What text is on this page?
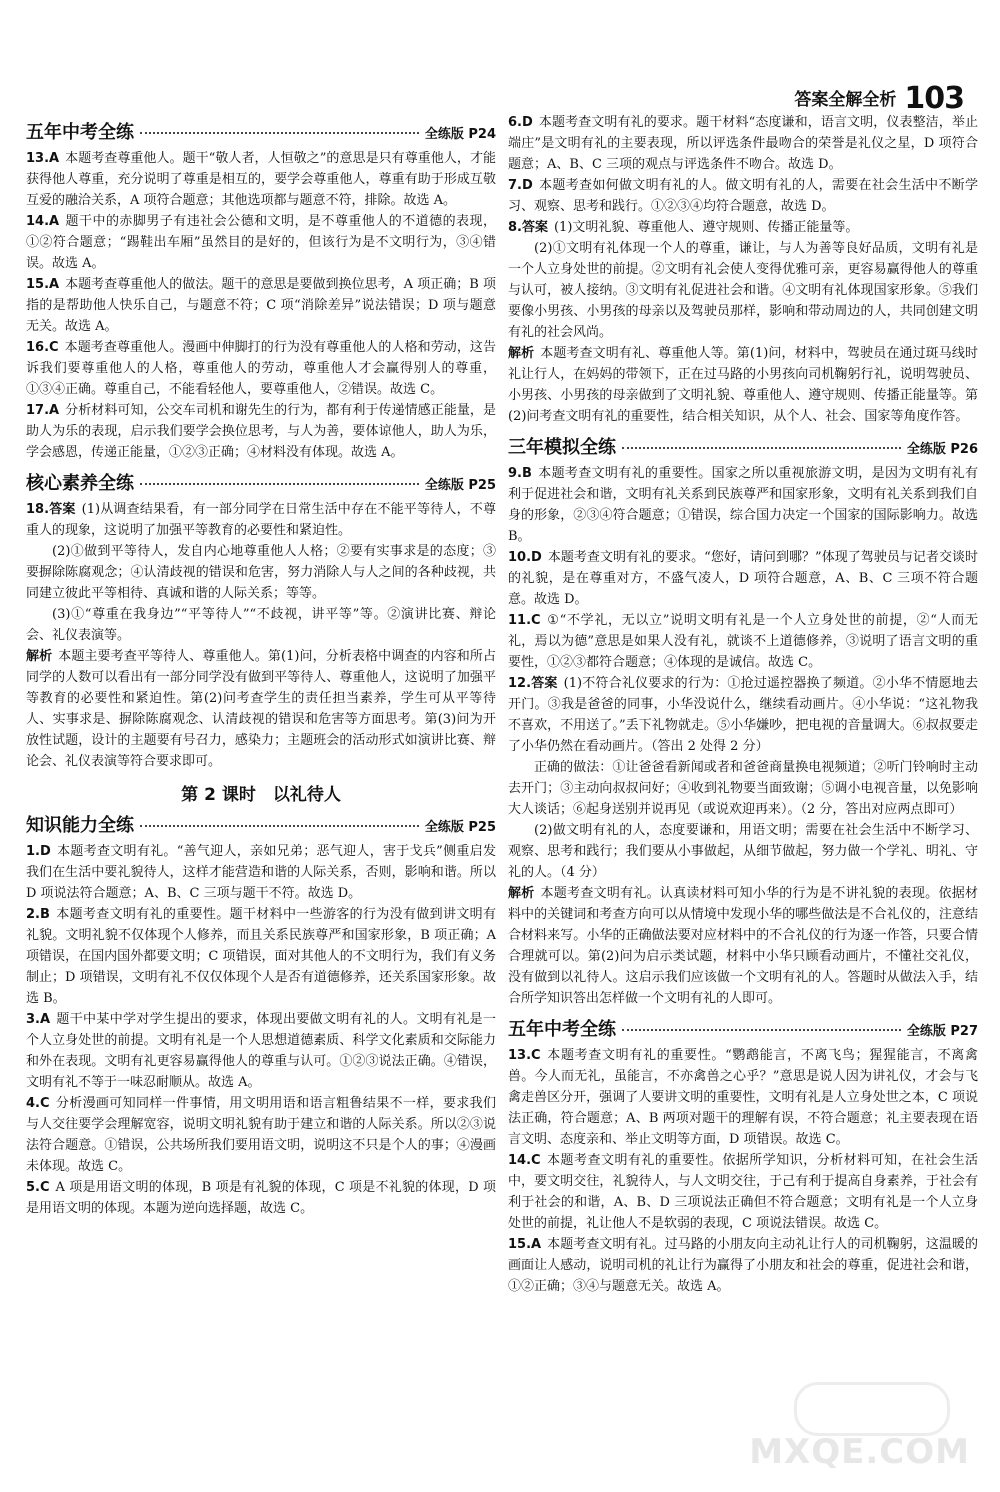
答案全解全析 103
五年中考全练	全练版 P24

13.A 本题考查尊重他人。题干“敬人者，人恒敬之”的意思是只有尊重他人，才能获得他人尊重，充分说明了尊重是相互的，要学会尊重他人，尊重有助于形成互敬互爱的融洽关系，A 项符合题意；其他选项都与题意不符，排除。故选 A。

14.A 题干中的赤脚男子有违社会公德和文明，是不尊重他人的不道德的表现，①②符合题意；“踢鞋出车厢”虽然目的是好的，但该行为是不文明行为，③④错误。故选 A。

15.A 本题考查尊重他人的做法。题干的意思是要做到换位思考，A 项正确；B 项指的是帮助他人快乐自己，与题意不符；C 项“消除差异”说法错误；D 项与题意无关。故选 A。

16.C 本题考查尊重他人。漫画中伸脚打的行为没有尊重他人的人格和劳动，这告诉我们要尊重他人的人格，尊重他人的劳动，尊重他人才会赢得别人的尊重，①③④正确。尊重自己，不能看轻他人，要尊重他人，②错误。故选 C。

17.A 分析材料可知，公交车司机和谢先生的行为，都有利于传递情感正能量，是助人为乐的表现，启示我们要学会换位思考，与人为善，要体谅他人，助人为乐，学会感恩，传递正能量，①②③正确；④材料没有体现。故选 A。

核心素养全练	全练版 P25

18.答案 (1)从调查结果看，有一部分同学在日常生活中存在不能平等待人，不尊重人的现象，这说明了加强平等教育的必要性和紧迫性。

(2)①做到平等待人，发自内心地尊重他人人格；②要有实事求是的态度；③要摒除陈腐观念；④认清歧视的错误和危害，努力消除人与人之间的各种歧视，共同建立彼此平等相待、真诚和谐的人际关系；等等。

(3)①“尊重在我身边”“平等待人”“不歧视，讲平等”等。②演讲比赛、辩论会、礼仪表演等。

解析 本题主要考查平等待人、尊重他人。第(1)问，分析表格中调查的内容和所占同学的人数可以看出有一部分同学没有做到平等待人、尊重他人，这说明了加强平等教育的必要性和紧迫性。第(2)问考查学生的责任担当素养，学生可从平等待人、实事求是、摒除陈腐观念、认清歧视的错误和危害等方面思考。第(3)问为开放性试题，设计的主题要有号召力，感染力；主题班会的活动形式如演讲比赛、辩论会、礼仪表演等符合要求即可。

第 2 课时　以礼待人
知识能力全练	全练版 P25

1.D 本题考查文明有礼。“善气迎人，亲如兄弟；恶气迎人，害于戈兵”侧重启发我们在生活中要礼貌待人，这样才能营造和谐的人际关系，否则，影响和谐。所以 D 项说法符合题意；A、B、C 三项与题干不符。故选 D。

2.B 本题考查文明有礼的重要性。题干材料中一些游客的行为没有做到讲文明有礼貌。文明礼貌不仅体现个人修养，而且关系民族尊严和国家形象，B 项正确；A 项错误，在国内国外都要文明；C 项错误，面对其他人的不文明行为，我们有义务制止；D 项错误，文明有礼不仅仅体现个人是否有道德修养，还关系国家形象。故选 B。

3.A 题干中某中学对学生提出的要求，体现出要做文明有礼的人。文明有礼是一个人立身处世的前提。文明有礼是一个人思想道德素质、科学文化素质和交际能力和外在表现。文明有礼更容易赢得他人的尊重与认可。①②③说法正确。④错误，文明有礼不等于一味忍耐顺从。故选 A。

4.C 分析漫画可知同样一件事情，用文明用语和语言粗鲁结果不一样，要求我们与人交往要学会理解宽容，说明文明礼貌有助于建立和谐的人际关系。所以②③说法符合题意。①错误，公共场所我们要用语文明，说明这不只是个人的事；④漫画未体现。故选 C。

5.C A 项是用语文明的体现，B 项是有礼貌的体现，C 项是不礼貌的体现，D 项是用语文明的体现。本题为逆向选择题，故选 C。

6.D 本题考查文明有礼的要求。题干材料“态度谦和，语言文明，仪表整洁，举止端庄”是文明有礼的主要表现，所以评选条件最吻合的荣誉是礼仪之星，D 项符合题意；A、B、C 三项的观点与评选条件不吻合。故选 D。

7.D 本题考查如何做文明有礼的人。做文明有礼的人，需要在社会生活中不断学习、观察、思考和践行。①②③④均符合题意，故选 D。

8.答案 (1)文明礼貌、尊重他人、遵守规则、传播正能量等。

(2)①文明有礼体现一个人的尊重，谦让，与人为善等良好品质，文明有礼是一个人立身处世的前提。②文明有礼会使人变得优雅可亲，更容易赢得他人的尊重与认可，被人接纳。③文明有礼促进社会和谐。④文明有礼体现国家形象。⑤我们要像小男孩、小男孩的母亲以及驾驶员那样，影响和带动周边的人，共同创建文明有礼的社会风尚。

解析 本题考查文明有礼、尊重他人等。第(1)问，材料中，驾驶员在通过斑马线时礼让行人，在妈妈的带领下，正在过马路的小男孩向司机鞠躬行礼，说明驾驶员、小男孩、小男孩的母亲做到了文明礼貌、尊重他人、遵守规则、传播正能量等。第(2)问考查文明有礼的重要性，结合相关知识，从个人、社会、国家等角度作答。

三年模拟全练	全练版 P26

9.B 本题考查文明有礼的重要性。国家之所以重视旅游文明，是因为文明有礼有利于促进社会和谐，文明有礼关系到民族尊严和国家形象，文明有礼关系到我们自身的形象，②③④符合题意；①错误，综合国力决定一个国家的国际影响力。故选 B。

10.D 本题考查文明有礼的要求。“您好，请问到哪？”体现了驾驶员与记者交谈时的礼貌，是在尊重对方，不盛气凌人，D 项符合题意，A、B、C 三项不符合题意。故选 D。

11.C ①“不学礼，无以立”说明文明有礼是一个人立身处世的前提，②“人而无礼，焉以为德”意思是如果人没有礼，就谈不上道德修养，③说明了语言文明的重要性，①②③都符合题意；④体现的是诚信。故选 C。

12.答案 (1)不符合礼仪要求的行为：①抢过遥控器换了频道。②小华不情愿地去开门。③我是爸爸的同事，小华没说什么，继续看动画片。④小华说：“这礼物我不喜欢，不用送了。”丢下礼物就走。⑤小华嫌吵，把电视的音量调大。⑥叔叔要走了小华仍然在看动画片。（答出 2 处得 2 分）

正确的做法：①让爸爸看新闻或者和爸爸商量换电视频道；②听门铃响时主动去开门；③主动向叔叔问好；④收到礼物要当面致谢；⑤调小电视音量，以免影响大人谈话；⑥起身送别并说再见（或说欢迎再来）。（2 分，答出对应两点即可）

(2)做文明有礼的人，态度要谦和，用语文明；需要在社会生活中不断学习、观察、思考和践行；我们要从小事做起，从细节做起，努力做一个学礼、明礼、守礼的人。（4 分）

解析 本题考查文明有礼。认真读材料可知小华的行为是不讲礼貌的表现。依据材料中的关键词和考查方向可以从情境中发现小华的哪些做法是不合礼仪的，注意结合材料来写。小华的正确做法要对应材料中的不合礼仪的行为逐一作答，只要合情合理就可以。第(2)问为启示类试题，材料中小华只顾看动画片，不懂社交礼仪，没有做到以礼待人。这启示我们应该做一个文明有礼的人。答题时从做法入手，结合所学知识答出怎样做一个文明有礼的人即可。

五年中考全练	全练版 P27

13.C 本题考查文明有礼的重要性。“鹦鹉能言，不离飞鸟；猩猩能言，不离禽兽。今人而无礼，虽能言，不亦禽兽之心乎？”意思是说人因为讲礼仪，才会与飞禽走兽区分开，强调了人要讲文明的重要性，文明有礼是人立身处世之本，C 项说法正确，符合题意；A、B 两项对题干的理解有误，不符合题意；礼主要表现在语言文明、态度亲和、举止文明等方面，D 项错误。故选 C。

14.C 本题考查文明有礼的重要性。依据所学知识，分析材料可知，在社会生活中，要文明交往，礼貌待人，与人文明交往，于己有利于提高自身素养，于社会有利于社会的和谐，A、B、D 三项说法正确但不符合题意；文明有礼是一个人立身处世的前提，礼让他人不是软弱的表现，C 项说法错误。故选 C。

15.A 本题考查文明有礼。过马路的小朋友向主动礼让行人的司机鞠躬，这温暖的画面让人感动，说明司机的礼让行为赢得了小朋友和社会的尊重，促进社会和谐，①②正确；③④与题意无关。故选 A。

MXQE.COM
